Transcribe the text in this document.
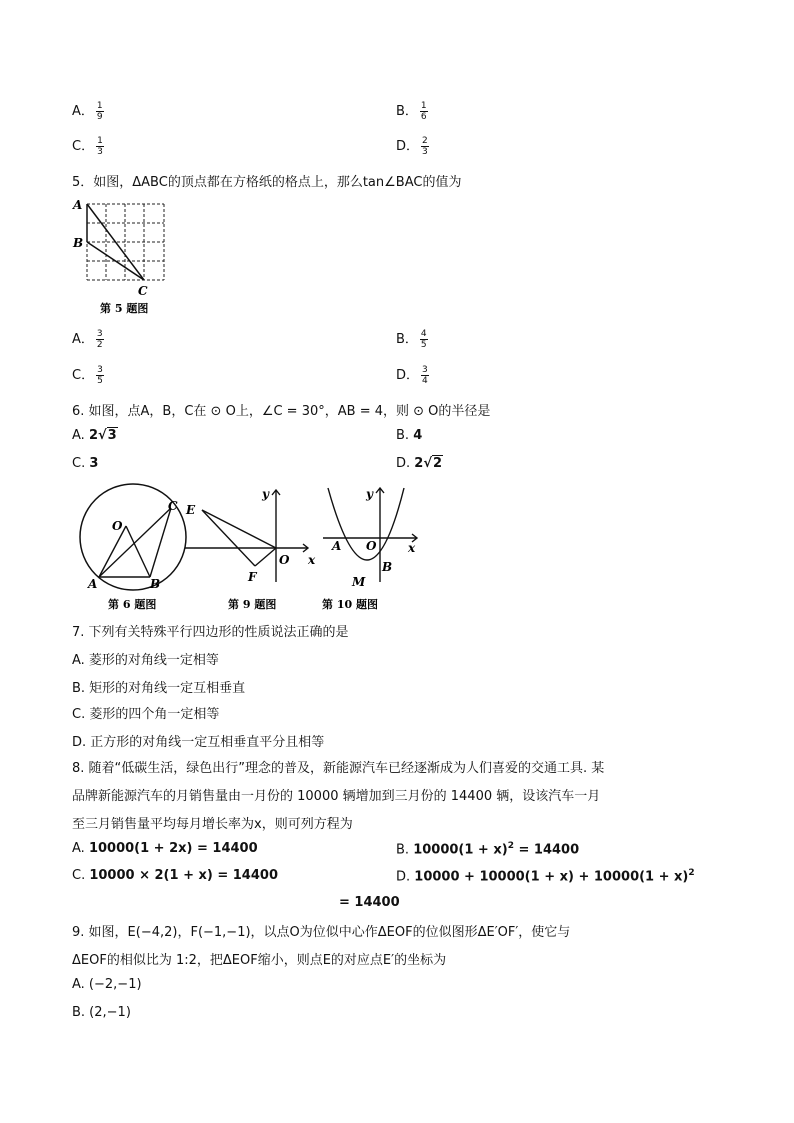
A． $\frac{1}{9}$	B． $\frac{1}{6}$
C． $\frac{1}{3}$	D． $\frac{2}{3}$
5．如图，ΔABC的顶点都在方格纸的格点上，那么tan∠BAC的值为
A
B
C
第 5 题图
A． $\frac{3}{2}$	B． $\frac{4}{5}$
C． $\frac{3}{5}$	D． $\frac{3}{4}$
6. 如图，点A，B，C在 ⊙ O上，∠C = 30°，AB = 4，则 ⊙ O的半径是
A. 2√3	B. 4
C. 3	D. 2√2
O
A	B
C
第 6 题图
E
F
O x
y
第 9 题图
A O
B
M
x
y
第 10 题图
7. 下列有关特殊平行四边形的性质说法正确的是
A. 菱形的对角线一定相等
B. 矩形的对角线一定互相垂直
C. 菱形的四个角一定相等
D. 正方形的对角线一定互相垂直平分且相等
8. 随着“低碳生活，绿色出行”理念的普及，新能源汽车已经逐渐成为人们喜爱的交通工具. 某
品牌新能源汽车的月销售量由一月份的 10000 辆增加到三月份的 14400 辆，设该汽车一月
至三月销售量平均每月增长率为x，则可列方程为
A. 10000(1 + 2x) = 14400	B. $10000(1 + x)^2 = 14400$
C. 10000 × 2(1 + x) = 14400	D. $10000 + 10000(1 + x) + 10000(1 + x)^2$
= 14400
9. 如图，E(−4,2)，F(−1,−1)，以点O为位似中心作ΔEOF的位似图形ΔE′OF′，使它与
ΔEOF的相似比为 1:2，把ΔEOF缩小，则点E的对应点E′的坐标为
A. (−2,−1)
B. (2,−1)
